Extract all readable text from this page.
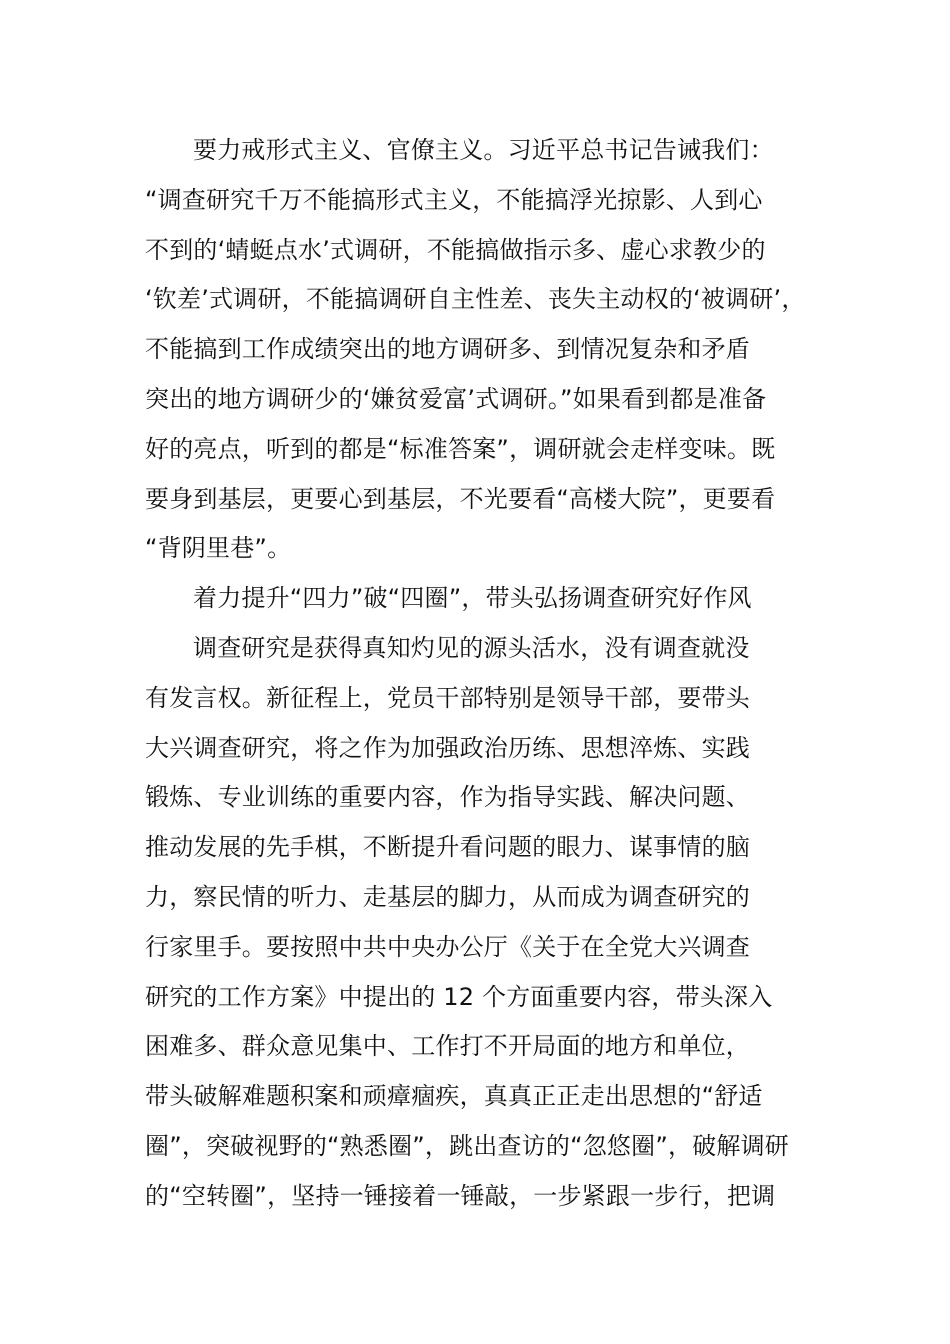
要力戒形式主义、官僚主义。习近平总书记告诫我们：
“调查研究千万不能搞形式主义，不能搞浮光掠影、人到心
不到的‘蜻蜓点水’式调研，不能搞做指示多、虚心求教少的
‘钦差’式调研，不能搞调研自主性差、丧失主动权的‘被调研’，
不能搞到工作成绩突出的地方调研多、到情况复杂和矛盾
突出的地方调研少的‘嫌贫爱富’式调研。”如果看到都是准备
好的亮点，听到的都是“标准答案”，调研就会走样变味。既
要身到基层，更要心到基层，不光要看“高楼大院”，更要看
“背阴里巷”。
着力提升“四力”破“四圈”，带头弘扬调查研究好作风
调查研究是获得真知灼见的源头活水，没有调查就没
有发言权。新征程上，党员干部特别是领导干部，要带头
大兴调查研究，将之作为加强政治历练、思想淬炼、实践
锻炼、专业训练的重要内容，作为指导实践、解决问题、
推动发展的先手棋，不断提升看问题的眼力、谋事情的脑
力，察民情的听力、走基层的脚力，从而成为调查研究的
行家里手。要按照中共中央办公厅《关于在全党大兴调查
研究的工作方案》中提出的 12 个方面重要内容，带头深入
困难多、群众意见集中、工作打不开局面的地方和单位，
带头破解难题积案和顽瘴痼疾，真真正正走出思想的“舒适
圈”，突破视野的“熟悉圈”，跳出查访的“忽悠圈”，破解调研
的“空转圈”，坚持一锤接着一锤敲，一步紧跟一步行，把调
